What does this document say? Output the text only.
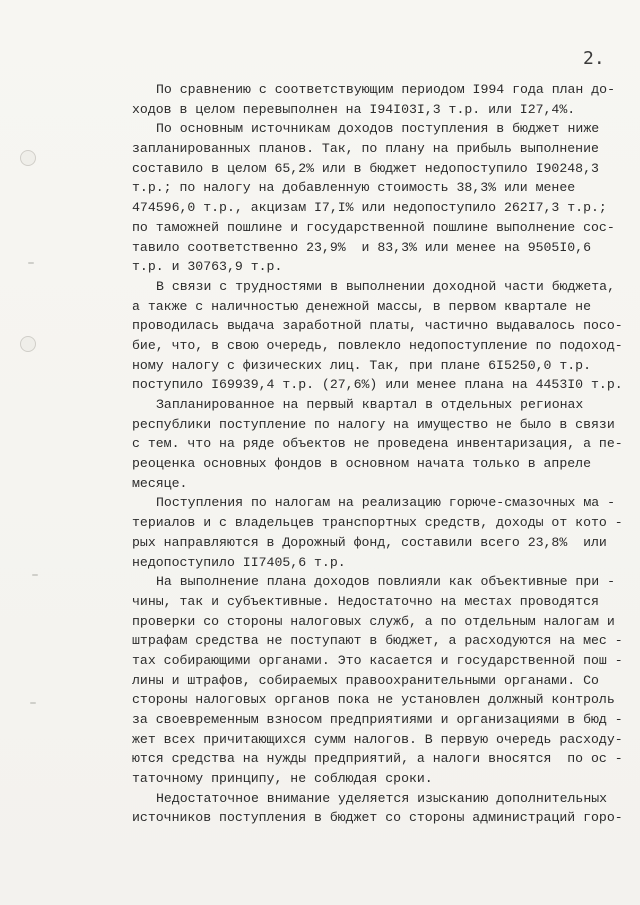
2.
По сравнению с соответствующим периодом I994 года план до-
ходов в целом перевыполнен на I94I03I,3 т.р. или I27,4%.
По основным источникам доходов поступления в бюджет ниже
запланированных планов. Так, по плану на прибыль выполнение
составило в целом 65,2% или в бюджет недопоступило I90248,3
т.р.; по налогу на добавленную стоимость 38,3% или менее
474596,0 т.р., акцизам I7,I% или недопоступило 262I7,3 т.р.;
по таможней пошлине и государственной пошлине выполнение сос-
тавило соответственно 23,9%  и 83,3% или менее на 9505I0,6
т.р. и 30763,9 т.р.
В связи с трудностями в выполнении доходной части бюджета,
а также с наличностью денежной массы, в первом квартале не
проводилась выдача заработной платы, частично выдавалось посо-
бие, что, в свою очередь, повлекло недопоступление по подоход-
ному налогу с физических лиц. Так, при плане 6I5250,0 т.р.
поступило I69939,4 т.р. (27,6%) или менее плана на 4453I0 т.р.
Запланированное на первый квартал в отдельных регионах
республики поступление по налогу на имущество не было в связи
с тем. что на ряде объектов не проведена инвентаризация, а пе-
реоценка основных фондов в основном начата только в апреле
месяце.
Поступления по налогам на реализацию горюче-смазочных ма -
териалов и с владельцев транспортных средств, доходы от кото -
рых направляются в Дорожный фонд, составили всего 23,8%  или
недопоступило II7405,6 т.р.
На выполнение плана доходов повлияли как объективные при -
чины, так и субъективные. Недостаточно на местах проводятся
проверки со стороны налоговых служб, а по отдельным налогам и
штрафам средства не поступают в бюджет, а расходуются на мес -
тах собирающими органами. Это касается и государственной пош -
лины и штрафов, собираемых правоохранительными органами. Со
стороны налоговых органов пока не установлен должный контроль
за своевременным взносом предприятиями и организациями в бюд -
жет всех причитающихся сумм налогов. В первую очередь расходу-
ются средства на нужды предприятий, а налоги вносятся  по ос -
таточному принципу, не соблюдая сроки.
Недостаточное внимание уделяется изысканию дополнительных
источников поступления в бюджет со стороны администраций горо-
